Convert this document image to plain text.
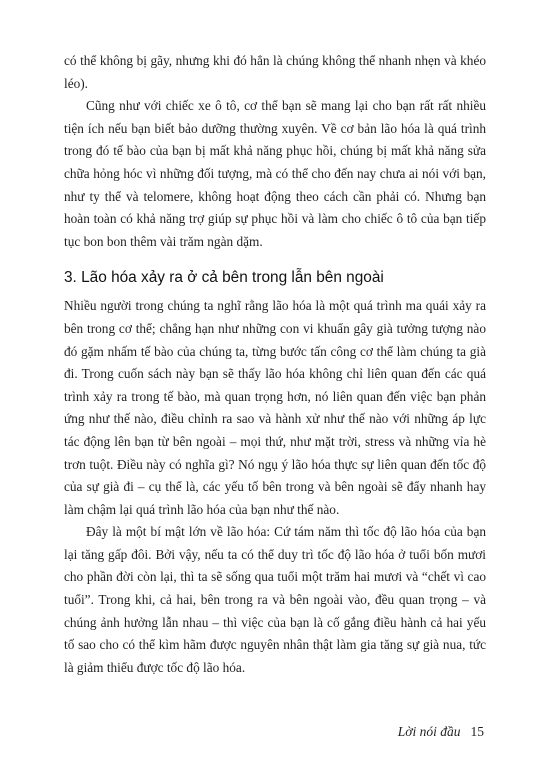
có thể không bị gãy, nhưng khi đó hẳn là chúng không thể nhanh nhẹn và khéo léo).

Cũng như với chiếc xe ô tô, cơ thể bạn sẽ mang lại cho bạn rất rất nhiều tiện ích nếu bạn biết bảo dưỡng thường xuyên. Về cơ bản lão hóa là quá trình trong đó tế bào của bạn bị mất khả năng phục hồi, chúng bị mất khả năng sửa chữa hỏng hóc vì những đối tượng, mà có thể cho đến nay chưa ai nói với bạn, như ty thể và telomere, không hoạt động theo cách cần phải có. Nhưng bạn hoàn toàn có khả năng trợ giúp sự phục hồi và làm cho chiếc ô tô của bạn tiếp tục bon bon thêm vài trăm ngàn dặm.

3. Lão hóa xảy ra ở cả bên trong lẫn bên ngoài

Nhiều người trong chúng ta nghĩ rằng lão hóa là một quá trình ma quái xảy ra bên trong cơ thể; chẳng hạn như những con vi khuẩn gây già tưởng tượng nào đó gặm nhấm tế bào của chúng ta, từng bước tấn công cơ thể làm chúng ta già đi. Trong cuốn sách này bạn sẽ thấy lão hóa không chỉ liên quan đến các quá trình xảy ra trong tế bào, mà quan trọng hơn, nó liên quan đến việc bạn phản ứng như thế nào, điều chỉnh ra sao và hành xử như thế nào với những áp lực tác động lên bạn từ bên ngoài – mọi thứ, như mặt trời, stress và những vỉa hè trơn tuột. Điều này có nghĩa gì? Nó ngụ ý lão hóa thực sự liên quan đến tốc độ của sự già đi – cụ thể là, các yếu tố bên trong và bên ngoài sẽ đẩy nhanh hay làm chậm lại quá trình lão hóa của bạn như thế nào.

Đây là một bí mật lớn về lão hóa: Cứ tám năm thì tốc độ lão hóa của bạn lại tăng gấp đôi. Bởi vậy, nếu ta có thể duy trì tốc độ lão hóa ở tuổi bốn mươi cho phần đời còn lại, thì ta sẽ sống qua tuổi một trăm hai mươi và “chết vì cao tuổi”. Trong khi, cả hai, bên trong ra và bên ngoài vào, đều quan trọng – và chúng ảnh hưởng lẫn nhau – thì việc của bạn là cố gắng điều hành cả hai yếu tố sao cho có thể kìm hãm được nguyên nhân thật làm gia tăng sự già nua, tức là giảm thiểu được tốc độ lão hóa.

Lời nói đầu 15
